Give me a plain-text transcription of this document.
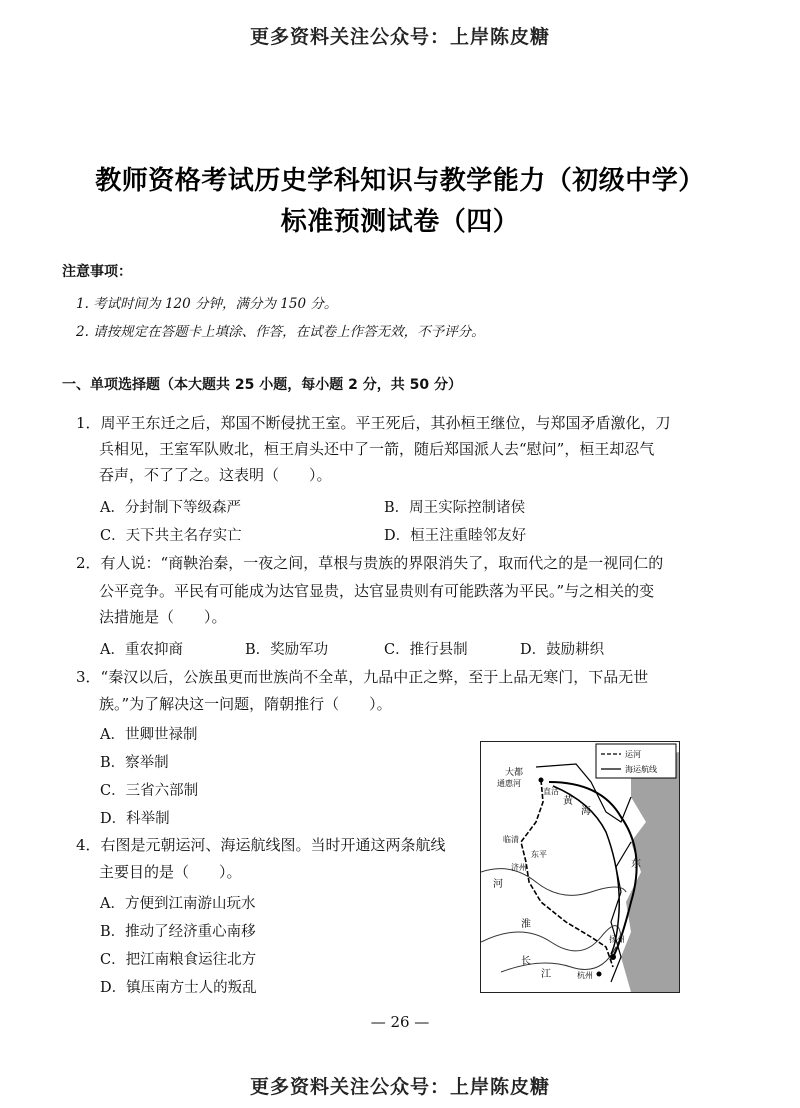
更多资料关注公众号：上岸陈皮糖
教师资格考试历史学科知识与教学能力（初级中学）
标准预测试卷（四）
注意事项：
1. 考试时间为 120 分钟，满分为 150 分。
2. 请按规定在答题卡上填涂、作答，在试卷上作答无效，不予评分。
一、单项选择题（本大题共 25 小题，每小题 2 分，共 50 分）
1．周平王东迁之后，郑国不断侵扰王室。平王死后，其孙桓王继位，与郑国矛盾激化，刀
兵相见，王室军队败北，桓王肩头还中了一箭，随后郑国派人去“慰问”，桓王却忍气
吞声，不了了之。这表明（　　）。
A．分封制下等级森严	B．周王实际控制诸侯
C．天下共主名存实亡	D．桓王注重睦邻友好
2．有人说：“商鞅治秦，一夜之间，草根与贵族的界限消失了，取而代之的是一视同仁的
公平竞争。平民有可能成为达官显贵，达官显贵则有可能跌落为平民。”与之相关的变
法措施是（　　）。
A．重农抑商	B．奖励军功	C．推行县制	D．鼓励耕织
3．“秦汉以后，公族虽更而世族尚不全革，九品中正之弊，至于上品无寒门，下品无世
族。”为了解决这一问题，隋朝推行（　　）。
A．世卿世禄制
B．察举制
C．三省六部制
D．科举制
4．右图是元朝运河、海运航线图。当时开通这两条航线
主要目的是（　　）。
A．方便到江南游山玩水
B．推动了经济重心南移
C．把江南粮食运往北方
D．镇压南方士人的叛乱
运河
海运航线
大都
通惠河
直沽
临清
济州
东平
黄
海
东
扬州
杭州
长
江
淮
河
— 26 —
更多资料关注公众号：上岸陈皮糖
